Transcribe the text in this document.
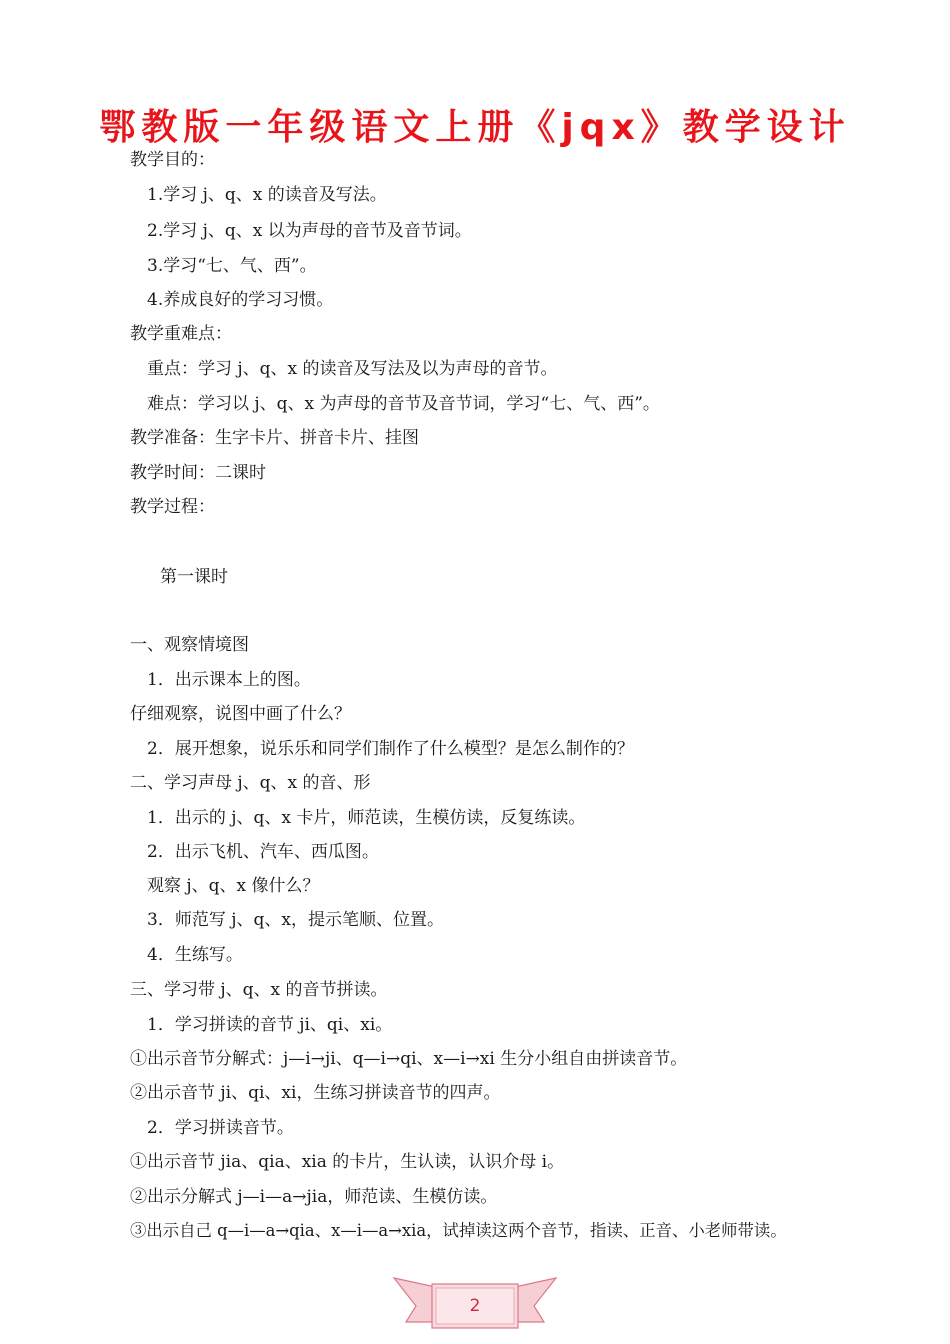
鄂教版一年级语文上册《jqx》教学设计
教学目的：
1.学习 j、q、x 的读音及写法。
2.学习 j、q、x 以为声母的音节及音节词。
3.学习“七、气、西”。
4.养成良好的学习习惯。
教学重难点：
重点：学习 j、q、x 的读音及写法及以为声母的音节。
难点：学习以 j、q、x 为声母的音节及音节词，学习“七、气、西”。
教学准备：生字卡片、拼音卡片、挂图
教学时间：二课时
教学过程：
第一课时
一、观察情境图
1．出示课本上的图。
仔细观察，说图中画了什么？
2．展开想象，说乐乐和同学们制作了什么模型？是怎么制作的？
二、学习声母 j、q、x 的音、形
1．出示的 j、q、x 卡片，师范读，生模仿读，反复练读。
2．出示飞机、汽车、西瓜图。
观察 j、q、x 像什么？
3．师范写 j、q、x，提示笔顺、位置。
4．生练写。
三、学习带 j、q、x 的音节拼读。
1．学习拼读的音节 ji、qi、xi。
①出示音节分解式：j—i→ji、q—i→qi、x—i→xi 生分小组自由拼读音节。
②出示音节 ji、qi、xi，生练习拼读音节的四声。
2．学习拼读音节。
①出示音节 jia、qia、xia 的卡片，生认读，认识介母 i。
②出示分解式 j—i—a→jia，师范读、生模仿读。
③出示自己 q—i—a→qia、x—i—a→xia，试掉读这两个音节，指读、正音、小老师带读。
2
